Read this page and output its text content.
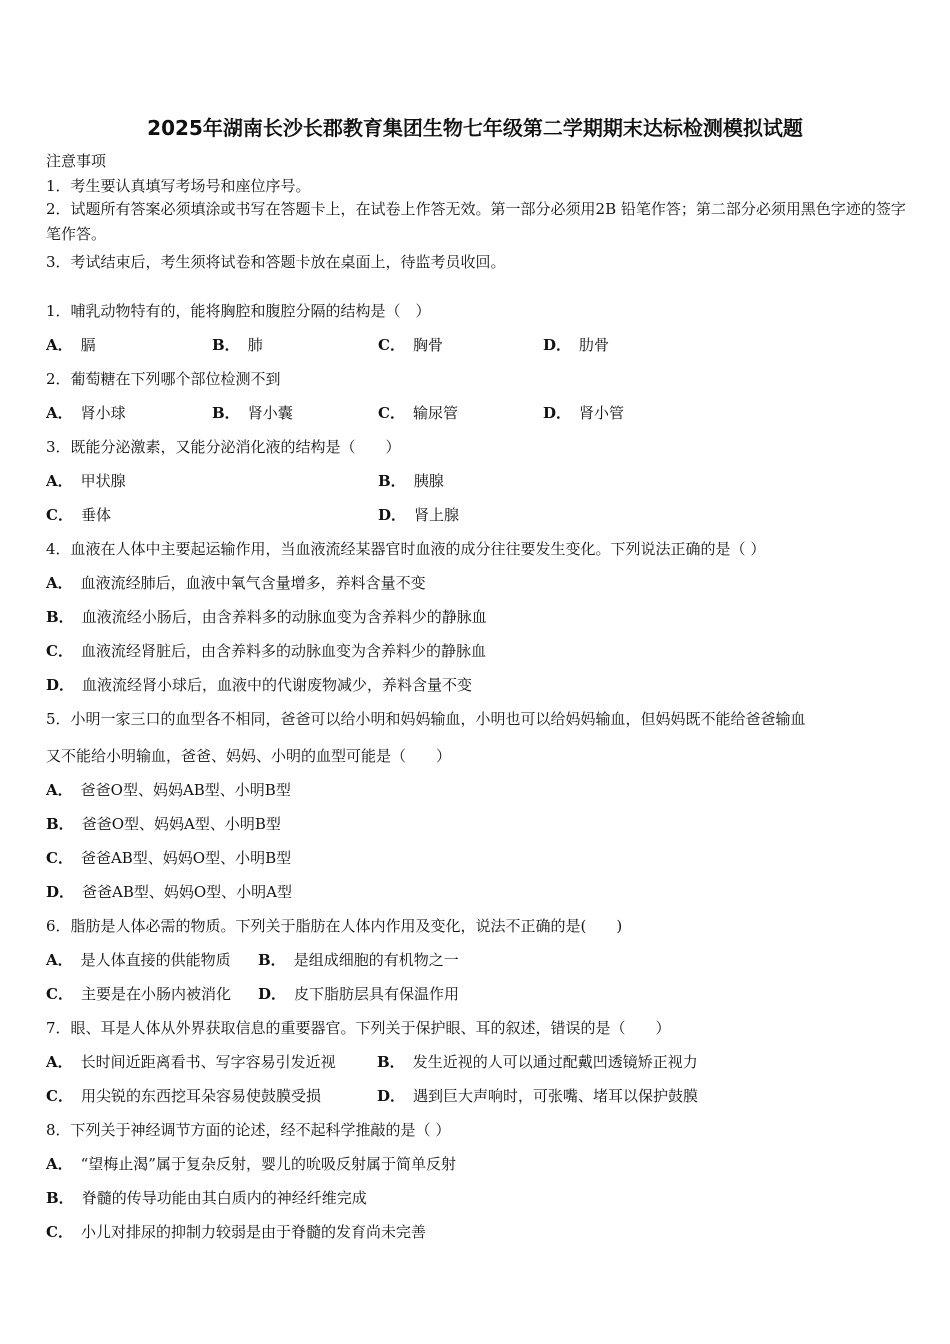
2025年湖南长沙长郡教育集团生物七年级第二学期期末达标检测模拟试题
注意事项
1．考生要认真填写考场号和座位序号。
2．试题所有答案必须填涂或书写在答题卡上，在试卷上作答无效。第一部分必须用2B 铅笔作答；第二部分必须用黑色字迹的签字笔作答。
3．考试结束后，考生须将试卷和答题卡放在桌面上，待监考员收回。
1．哺乳动物特有的，能将胸腔和腹腔分隔的结构是（　）
A． 膈	B． 肺	C． 胸骨	D． 肋骨
2．葡萄糖在下列哪个部位检测不到
A． 肾小球	B． 肾小囊	C． 输尿管	D． 肾小管
3．既能分泌激素，又能分泌消化液的结构是（　　）
A． 甲状腺	B． 胰腺
C． 垂体	D． 肾上腺
4．血液在人体中主要起运输作用，当血液流经某器官时血液的成分往往要发生变化。下列说法正确的是（ ）
A． 血液流经肺后，血液中氧气含量增多，养料含量不变
B． 血液流经小肠后，由含养料多的动脉血变为含养料少的静脉血
C． 血液流经肾脏后，由含养料多的动脉血变为含养料少的静脉血
D． 血液流经肾小球后，血液中的代谢废物减少，养料含量不变
5．小明一家三口的血型各不相同，爸爸可以给小明和妈妈输血，小明也可以给妈妈输血，但妈妈既不能给爸爸输血
又不能给小明输血，爸爸、妈妈、小明的血型可能是（　　）
A． 爸爸O型、妈妈AB型、小明B型
B． 爸爸O型、妈妈A型、小明B型
C． 爸爸AB型、妈妈O型、小明B型
D． 爸爸AB型、妈妈O型、小明A型
6．脂肪是人体必需的物质。下列关于脂肪在人体内作用及变化，说法不正确的是(　　)
A． 是人体直接的供能物质 B． 是组成细胞的有机物之一
C． 主要是在小肠内被消化 D． 皮下脂肪层具有保温作用
7．眼、耳是人体从外界获取信息的重要器官。下列关于保护眼、耳的叙述，错误的是（　　）
A． 长时间近距离看书、写字容易引发近视	B． 发生近视的人可以通过配戴凹透镜矫正视力
C． 用尖锐的东西挖耳朵容易使鼓膜受损	D． 遇到巨大声响时，可张嘴、堵耳以保护鼓膜
8．下列关于神经调节方面的论述，经不起科学推敲的是（ ）
A． “望梅止渴”属于复杂反射，婴儿的吮吸反射属于简单反射
B． 脊髓的传导功能由其白质内的神经纤维完成
C． 小儿对排尿的抑制力较弱是由于脊髓的发育尚未完善
